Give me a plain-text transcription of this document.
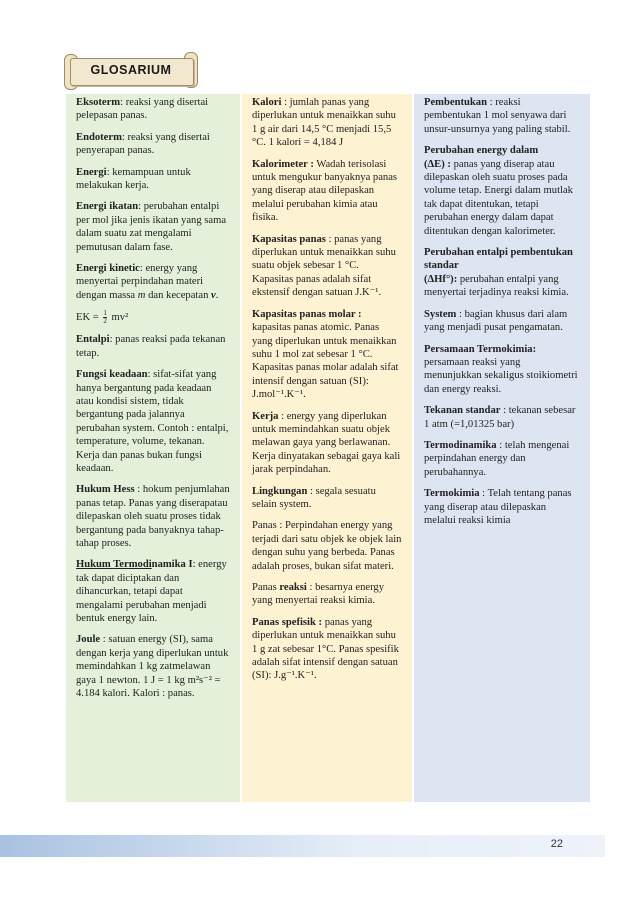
GLOSARIUM

Eksoterm: reaksi yang disertai pelepasan panas.

Endoterm: reaksi yang disertai penyerapan panas.

Energi: kemampuan untuk melakukan kerja.

Energi ikatan: perubahan entalpi per mol jika jenis ikatan yang sama dalam suatu zat mengalami pemutusan dalam fase.

Energi kinetic: energy yang menyertai perpindahan materi dengan massa m dan kecepatan v.

EK = $\frac{1}{2} mv^2$

Entalpi: panas reaksi pada tekanan tetap.

Fungsi keadaan: sifat-sifat yang hanya bergantung pada keadaan atau kondisi sistem, tidak bergantung pada jalannya perubahan system. Contoh : entalpi, temperature, volume, tekanan. Kerja dan panas bukan fungsi keadaan.

Hukum Hess : hokum penjumlahan panas tetap. Panas yang diserapatau dilepaskan oleh suatu proses tidak bergantung pada banyaknya tahap-tahap proses.

Hukum Termodinamika I: energy tak dapat diciptakan dan dihancurkan, tetapi dapat mengalami perubahan menjadi bentuk energy lain.

Joule : satuan energy (SI), sama dengan kerja yang diperlukan untuk memindahkan 1 kg zatmelawan gaya 1 newton. 1 J = 1 kg m²s⁻² = 4.184 kalori. Kalori : panas.

Kalori : jumlah panas yang diperlukan untuk menaikkan suhu 1 g air dari 14,5 °C menjadi 15,5 °C. 1 kalori = 4,184 J

Kalorimeter : Wadah terisolasi untuk mengukur banyaknya panas yang diserap atau dilepaskan melalui perubahan kimia atau fisika.

Kapasitas panas : panas yang diperlukan untuk menaikkan suhu suatu objek sebesar 1 °C. Kapasitas panas adalah sifat ekstensif dengan satuan J.K⁻¹.

Kapasitas panas molar : kapasitas panas atomic. Panas yang diperlukan untuk menaikkan suhu 1 mol zat sebesar 1 °C. Kapasitas panas molar adalah sifat intensif dengan satuan (SI): J.mol⁻¹.K⁻¹.

Kerja : energy yang diperlukan untuk memindahkan suatu objek melawan gaya yang berlawanan. Kerja dinyatakan sebagai gaya kali jarak perpindahan.

Lingkungan : segala sesuatu selain system.

Panas : Perpindahan energy yang terjadi dari satu objek ke objek lain dengan suhu yang berbeda. Panas adalah proses, bukan sifat materi.

Panas reaksi : besarnya energy yang menyertai reaksi kimia.

Panas spefisik : panas yang diperlukan untuk menaikkan suhu 1 g zat sebesar 1°C. Panas spesifik adalah sifat intensif dengan satuan (SI): J.g⁻¹.K⁻¹.

Pembentukan : reaksi pembentukan 1 mol senyawa dari unsur-unsurnya yang paling stabil.

Perubahan energy dalam
(ΔE) : panas yang diserap atau dilepaskan oleh suatu proses pada volume tetap. Energi dalam mutlak tak dapat ditentukan, tetapi perubahan energy dalam dapat ditentukan dengan kalorimeter.

Perubahan entalpi pembentukan standar
(ΔHf°): perubahan entalpi yang menyertai terjadinya reaksi kimia.

System : bagian khusus dari alam yang menjadi pusat pengamatan.

Persamaan Termokimia: persamaan reaksi yang menunjukkan sekaligus stoikiometri dan energy reaksi.

Tekanan standar : tekanan sebesar 1 atm (=1,01325 bar)

Termodinamika : telah mengenai perpindahan energy dan perubahannya.

Termokimia : Telah tentang panas yang diserap atau dilepaskan melalui reaksi kimia

22
